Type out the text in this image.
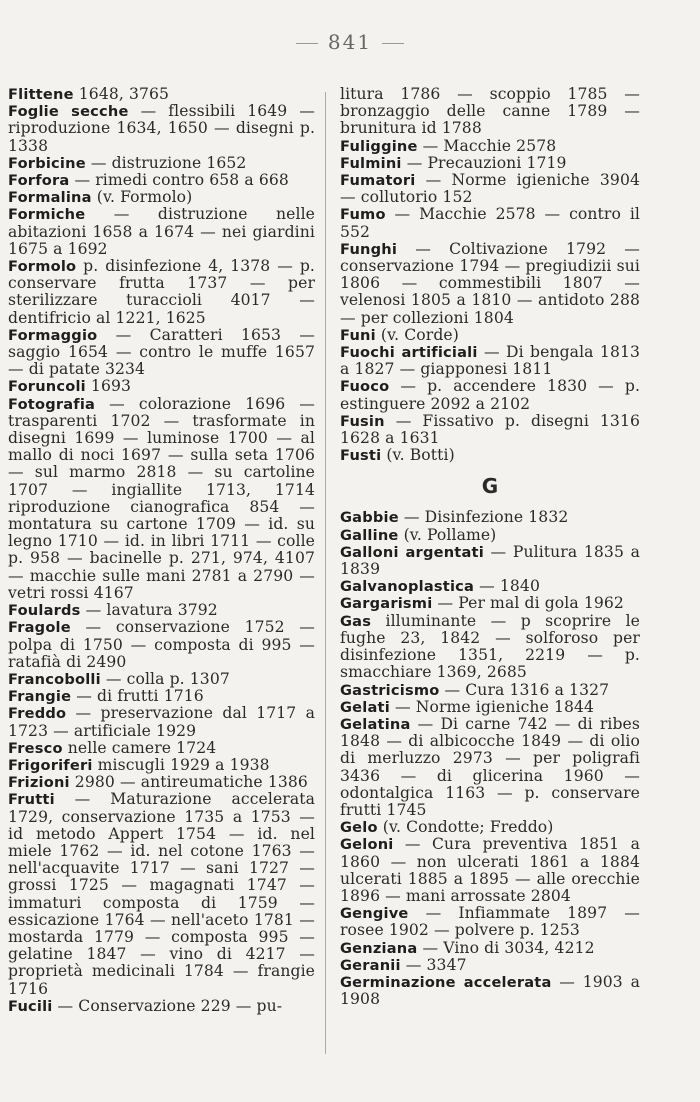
841

Flittene 1648, 3765

Foglie secche — flessibili 1649 — riproduzione 1634, 1650 — disegni p. 1338

Forbicine — distruzione 1652

Forfora — rimedi contro 658 a 668

Formalina (v. Formolo)

Formiche — distruzione nelle abitazioni 1658 a 1674 — nei giardini 1675 a 1692

Formolo p. disinfezione 4, 1378 — p. conservare frutta 1737 — per sterilizzare turaccioli 4017 — dentifricio al 1221, 1625

Formaggio — Caratteri 1653 — saggio 1654 — contro le muffe 1657 — di patate 3234

Foruncoli 1693

Fotografia — colorazione 1696 — trasparenti 1702 — trasformate in disegni 1699 — luminose 1700 — al mallo di noci 1697 — sulla seta 1706 — sul marmo 2818 — su cartoline 1707 — ingiallite 1713, 1714 riproduzione cianografica 854 — montatura su cartone 1709 — id. su legno 1710 — id. in libri 1711 — colle p. 958 — bacinelle p. 271, 974, 4107 — macchie sulle mani 2781 a 2790 — vetri rossi 4167

Foulards — lavatura 3792

Fragole — conservazione 1752 — polpa di 1750 — composta di 995 — ratafià di 2490

Francobolli — colla p. 1307

Frangie — di frutti 1716

Freddo — preservazione dal 1717 a 1723 — artificiale 1929

Fresco nelle camere 1724

Frigoriferi miscugli 1929 a 1938

Frizioni 2980 — antireumatiche 1386

Frutti — Maturazione accelerata 1729, conservazione 1735 a 1753 — id metodo Appert 1754 — id. nel miele 1762 — id. nel cotone 1763 — nell'acquavite 1717 — sani 1727 — grossi 1725 — magagnati 1747 — immaturi composta di 1759 — essicazione 1764 — nell'aceto 1781 — mostarda 1779 — composta 995 — gelatine 1847 — vino di 4217 — proprietà medicinali 1784 — frangie 1716

Fucili — Conservazione 229 — pu-

litura 1786 — scoppio 1785 — bronzaggio delle canne 1789 — brunitura id 1788

Fuliggine — Macchie 2578

Fulmini — Precauzioni 1719

Fumatori — Norme igieniche 3904 — collutorio 152

Fumo — Macchie 2578 — contro il 552

Funghi — Coltivazione 1792 — conservazione 1794 — pregiudizii sui 1806 — commestibili 1807 — velenosi 1805 a 1810 — antidoto 288 — per collezioni 1804

Funi (v. Corde)

Fuochi artificiali — Di bengala 1813 a 1827 — giapponesi 1811

Fuoco — p. accendere 1830 — p. estinguere 2092 a 2102

Fusin — Fissativo p. disegni 1316 1628 a 1631

Fusti (v. Botti)

G

Gabbie — Disinfezione 1832

Galline (v. Pollame)

Galloni argentati — Pulitura 1835 a 1839

Galvanoplastica — 1840

Gargarismi — Per mal di gola 1962

Gas illuminante — p scoprire le fughe 23, 1842 — solforoso per disinfezione 1351, 2219 — p. smacchiare 1369, 2685

Gastricismo — Cura 1316 a 1327

Gelati — Norme igieniche 1844

Gelatina — Di carne 742 — di ribes 1848 — di albicocche 1849 — di olio di merluzzo 2973 — per poligrafi 3436 — di glicerina 1960 — odontalgica 1163 — p. conservare frutti 1745

Gelo (v. Condotte; Freddo)

Geloni — Cura preventiva 1851 a 1860 — non ulcerati 1861 a 1884 ulcerati 1885 a 1895 — alle orecchie 1896 — mani arrossate 2804

Gengive — Infiammate 1897 — rosee 1902 — polvere p. 1253

Genziana — Vino di 3034, 4212

Geranii — 3347

Germinazione accelerata — 1903 a 1908
